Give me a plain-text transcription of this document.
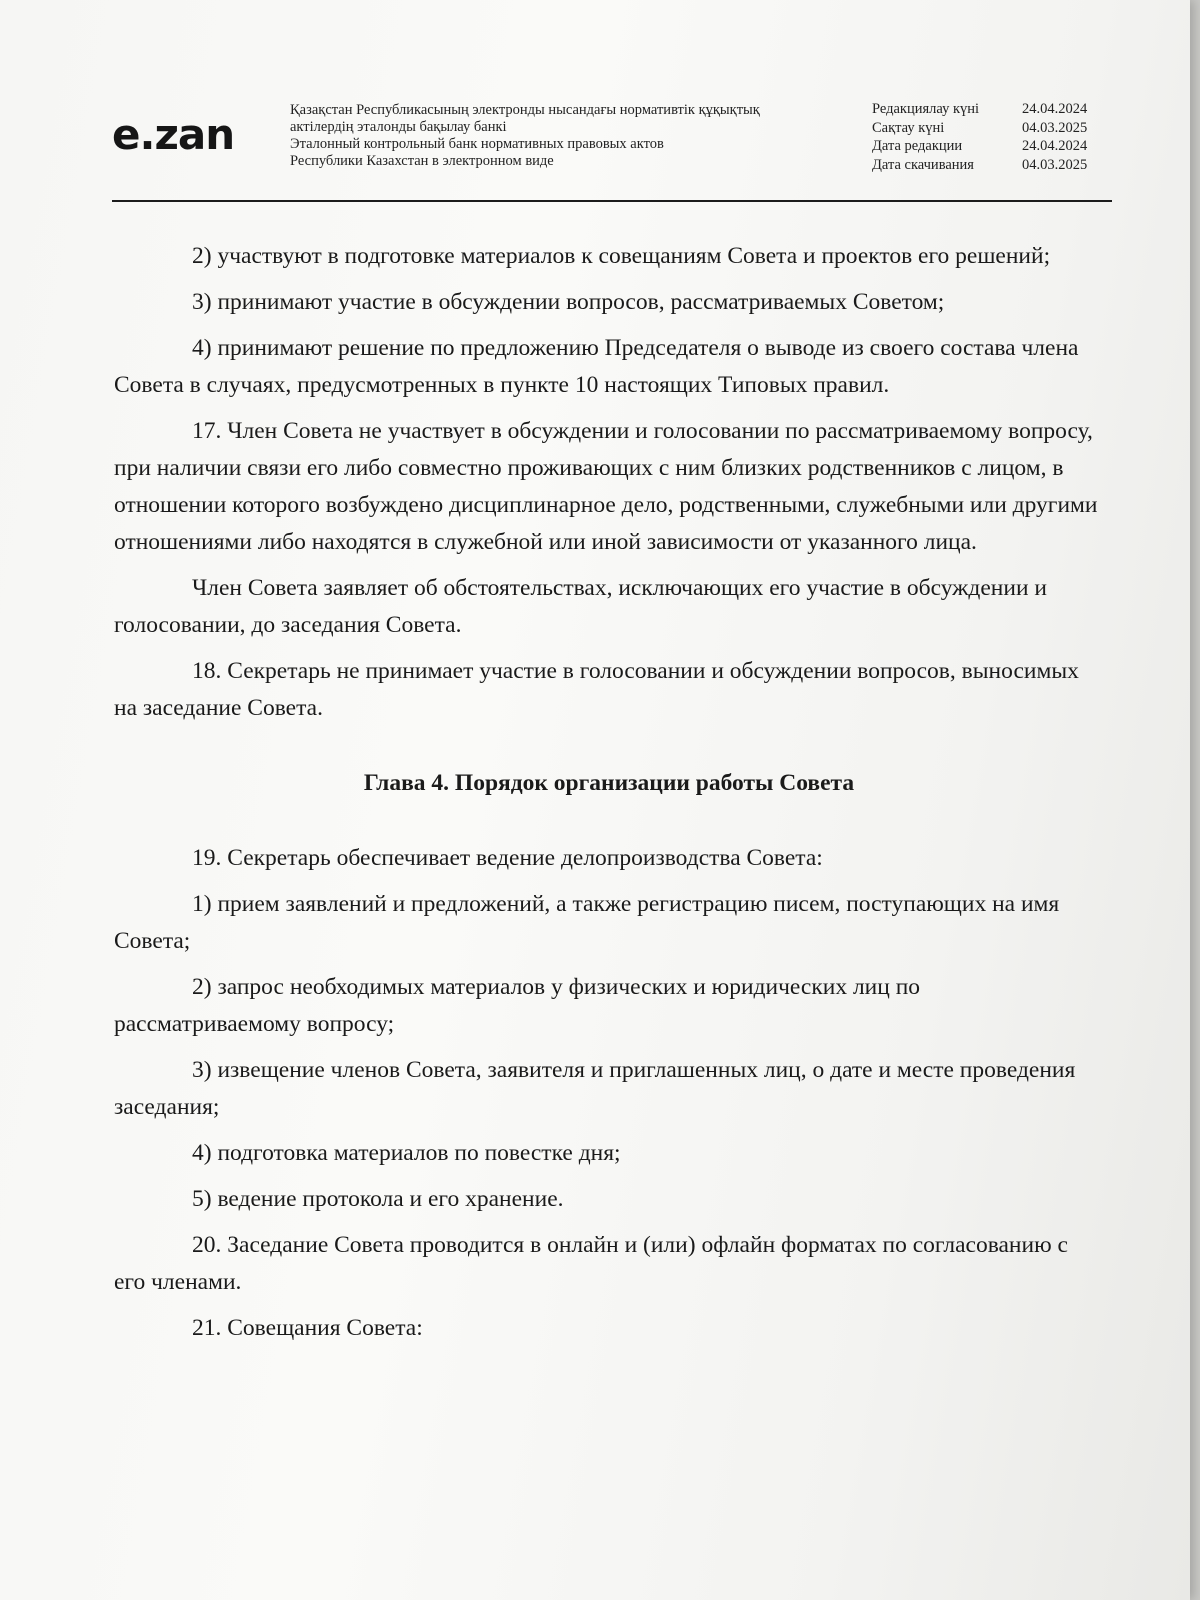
e.zan	Қазақстан Республикасының электронды нысандағы нормативтік құқықтық
актілердің эталонды бақылау банкі
Эталонный контрольный банк нормативных правовых актов
Республики Казахстан в электронном виде
Редакциялау күні	24.04.2024
Сақтау күні	04.03.2025
Дата редакции	24.04.2024
Дата скачивания	04.03.2025

2) участвуют в подготовке материалов к совещаниям Совета и проектов его решений;

3) принимают участие в обсуждении вопросов, рассматриваемых Советом;

4) принимают решение по предложению Председателя о выводе из своего состава члена Совета в случаях, предусмотренных в пункте 10 настоящих Типовых правил.

17. Член Совета не участвует в обсуждении и голосовании по рассматриваемому вопросу, при наличии связи его либо совместно проживающих с ним близких родственников с лицом, в отношении которого возбуждено дисциплинарное дело, родственными, служебными или другими отношениями либо находятся в служебной или иной зависимости от указанного лица.

Член Совета заявляет об обстоятельствах, исключающих его участие в обсуждении и голосовании, до заседания Совета.

18. Секретарь не принимает участие в голосовании и обсуждении вопросов, выносимых на заседание Совета.

Глава 4. Порядок организации работы Совета

19. Секретарь обеспечивает ведение делопроизводства Совета:

1) прием заявлений и предложений, а также регистрацию писем, поступающих на имя Совета;

2) запрос необходимых материалов у физических и юридических лиц по рассматриваемому вопросу;

3) извещение членов Совета, заявителя и приглашенных лиц, о дате и месте проведения заседания;

4) подготовка материалов по повестке дня;

5) ведение протокола и его хранение.

20. Заседание Совета проводится в онлайн и (или) офлайн форматах по согласованию с его членами.

21. Совещания Совета:
